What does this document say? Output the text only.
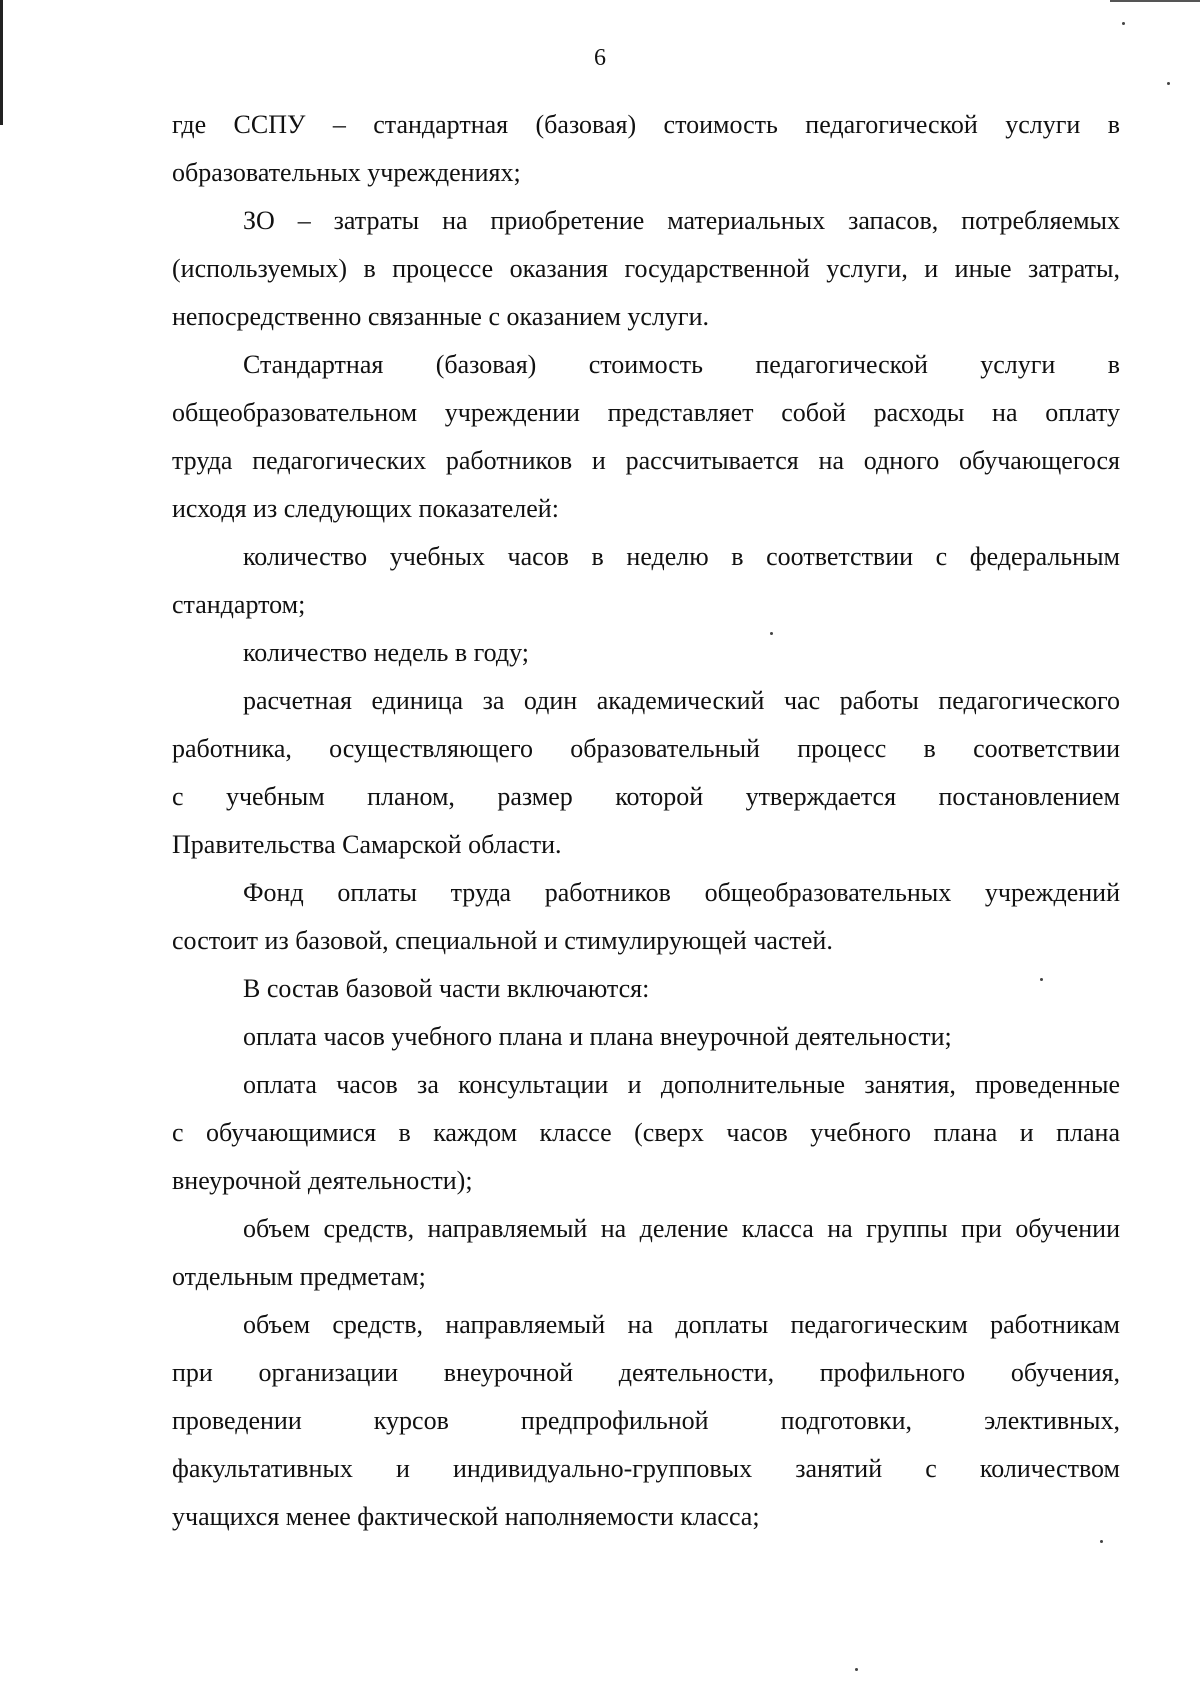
6
где ССПУ – стандартная (базовая) стоимость педагогической услуги в
образовательных учреждениях;
ЗО – затраты на приобретение материальных запасов, потребляемых
(используемых) в процессе оказания государственной услуги, и иные затраты,
непосредственно связанные с оказанием услуги.
Стандартная (базовая) стоимость педагогической услуги в
общеобразовательном учреждении представляет собой расходы на оплату
труда педагогических работников и рассчитывается на одного обучающегося
исходя из следующих показателей:
количество учебных часов в неделю в соответствии с федеральным
стандартом;
количество недель в году;
расчетная единица за один академический час работы педагогического
работника, осуществляющего образовательный процесс в соответствии
с учебным планом, размер которой утверждается постановлением
Правительства Самарской области.
Фонд оплаты труда работников общеобразовательных учреждений
состоит из базовой, специальной и стимулирующей частей.
В состав базовой части включаются:
оплата часов учебного плана и плана внеурочной деятельности;
оплата часов за консультации и дополнительные занятия, проведенные
с обучающимися в каждом классе (сверх часов учебного плана и плана
внеурочной деятельности);
объем средств, направляемый на деление класса на группы при обучении
отдельным предметам;
объем средств, направляемый на доплаты педагогическим работникам
при организации внеурочной деятельности, профильного обучения,
проведении курсов предпрофильной подготовки, элективных,
факультативных и индивидуально-групповых занятий с количеством
учащихся менее фактической наполняемости класса;
